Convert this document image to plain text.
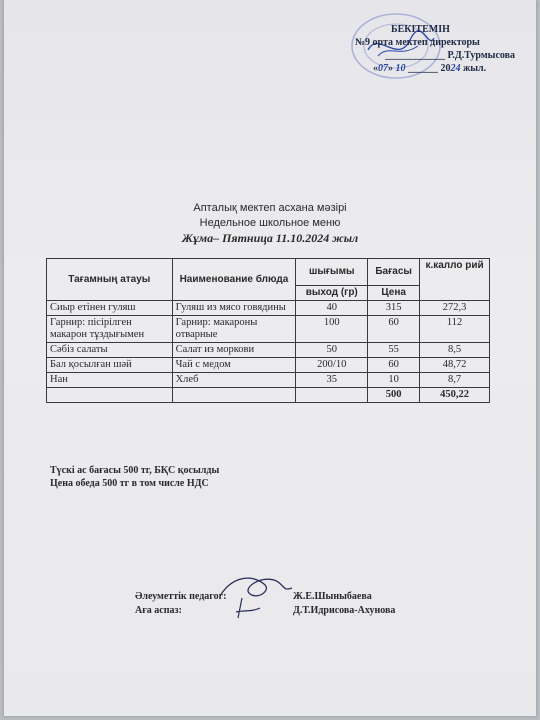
БЕКІТЕМІН
№9 орта мектеп директоры
____________ Р.Д.Турмысова
«07» 10 ______ 2024 жыл.
Апталық мектеп асхана мәзірі
Недельное школьное меню
Жұма– Пятница 11.10.2024 жыл
Тағамның атауы	Наименование блюда	шығымы	Бағасы	к.калло рий
		выход (гр)	Цена	
Сиыр етінен гуляш	Гуляш из мясо говядины	40	315	272,3
Гарнир: пісірілген макарон тұздығымен	Гарнир: макароны отварные	100	60	112
Сәбіз салаты	Салат из моркови	50	55	8,5
Бал қосылған шәй	Чай с медом	200/10	60	48,72
Нан	Хлеб	35	10	8,7
			500	450,22
Түскі ас бағасы 500 тг, БҚС қосылды
Цена обеда 500 тг в том числе НДС
Әлеуметтік педагог:
Аға аспаз:
Ж.Е.Шыныбаева
Д.Т.Идрисова-Ахунова
